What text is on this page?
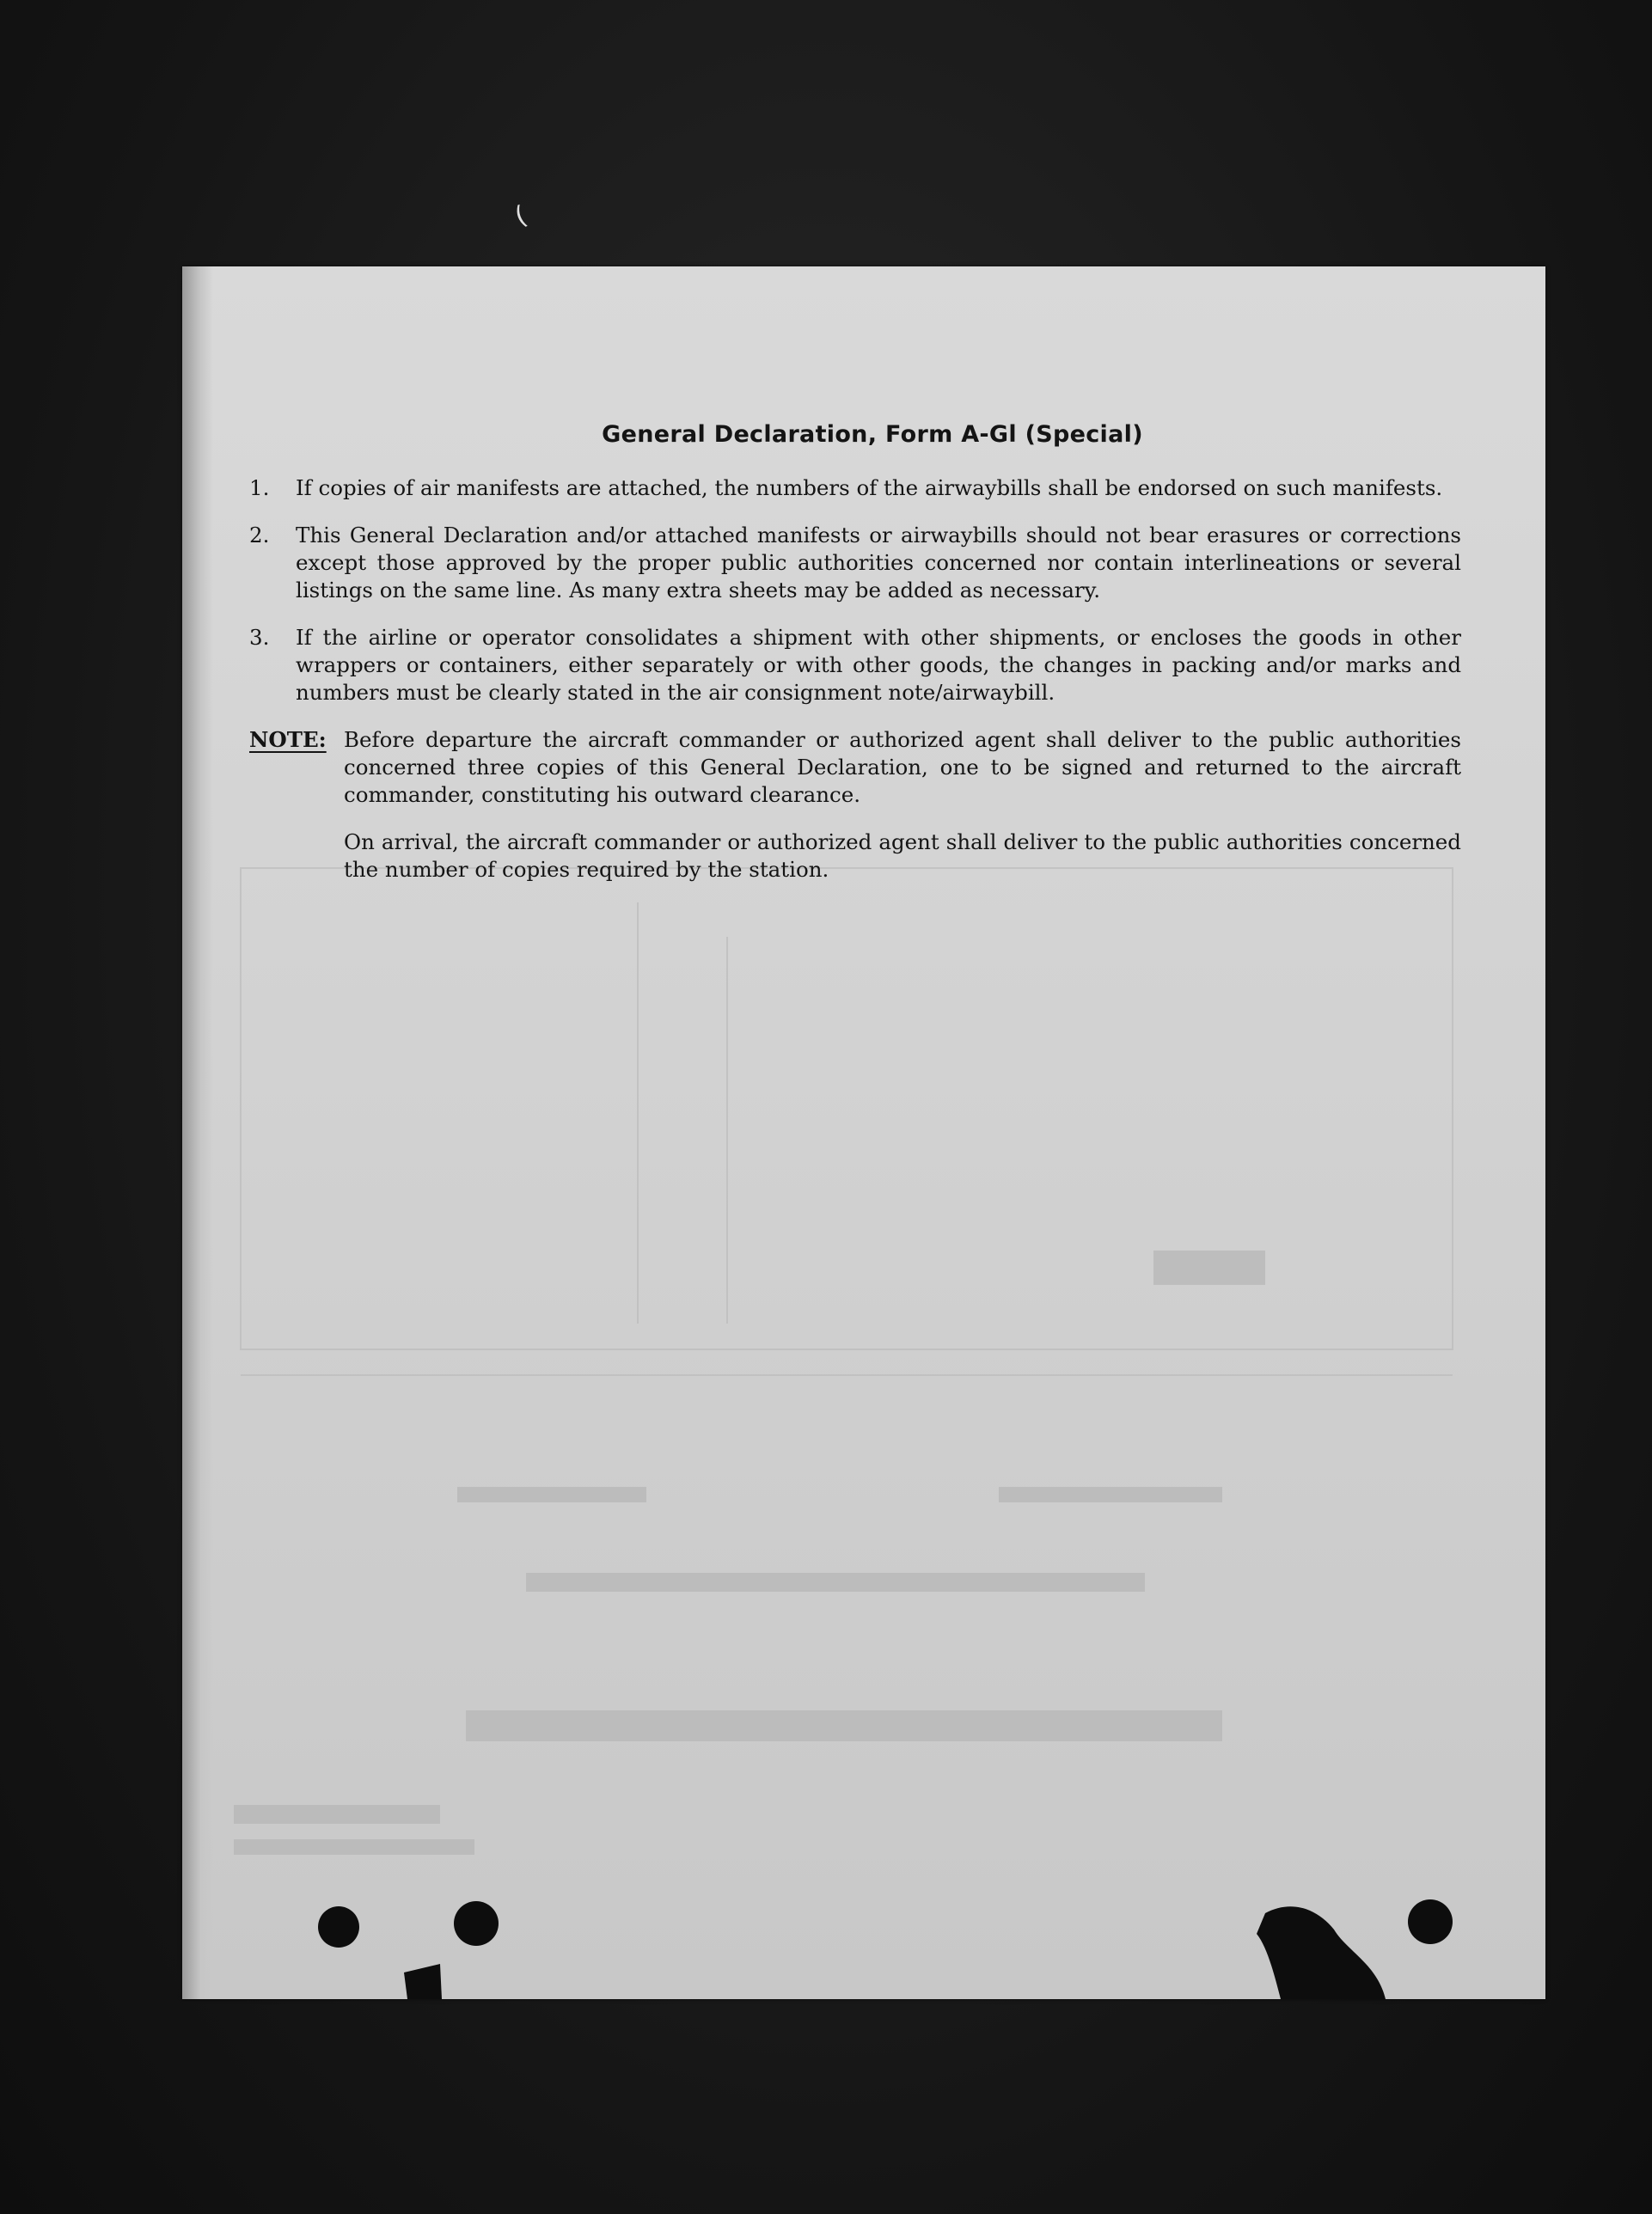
(
General Declaration, Form A-Gl (Special)
1.	If copies of air manifests are attached, the numbers of the airwaybills shall be endorsed on such manifests.
2.	This General Declaration and/or attached manifests or airwaybills should not bear erasures or corrections except those approved by the proper public authorities concerned nor contain interlineations or several listings on the same line. As many extra sheets may be added as necessary.
3.	If the airline or operator consolidates a shipment with other shipments, or encloses the goods in other wrappers or containers, either separately or with other goods, the changes in packing and/or marks and numbers must be clearly stated in the air consignment note/airwaybill.
NOTE: Before departure the aircraft commander or authorized agent shall deliver to the public authorities concerned three copies of this General Declaration, one to be signed and returned to the aircraft commander, constituting his outward clearance.

On arrival, the aircraft commander or authorized agent shall deliver to the public authorities concerned the number of copies required by the station.
